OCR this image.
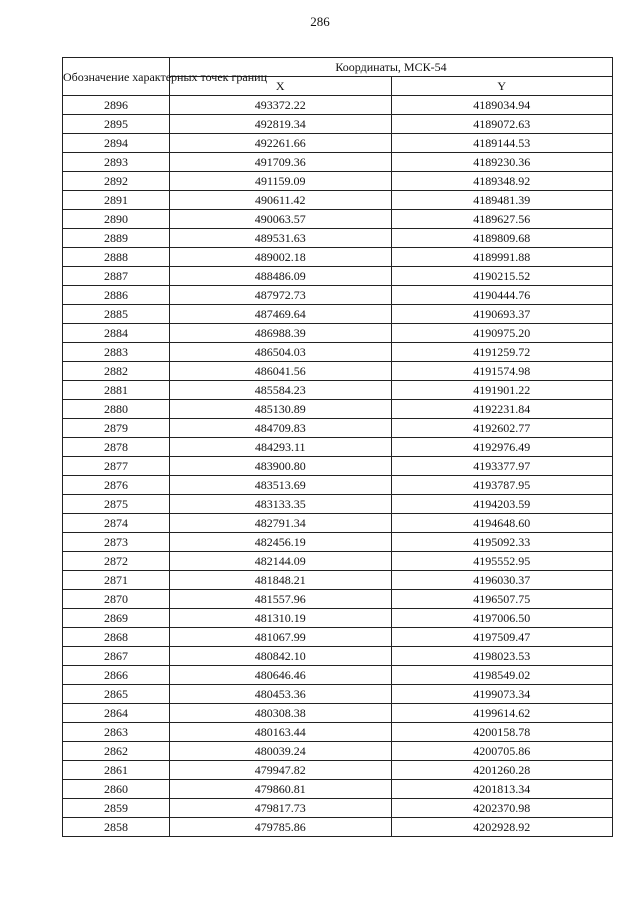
286
Обозначение характерных точек границ	Координаты, МСК-54	
	X	Y
2896	493372.22	4189034.94
2895	492819.34	4189072.63
2894	492261.66	4189144.53
2893	491709.36	4189230.36
2892	491159.09	4189348.92
2891	490611.42	4189481.39
2890	490063.57	4189627.56
2889	489531.63	4189809.68
2888	489002.18	4189991.88
2887	488486.09	4190215.52
2886	487972.73	4190444.76
2885	487469.64	4190693.37
2884	486988.39	4190975.20
2883	486504.03	4191259.72
2882	486041.56	4191574.98
2881	485584.23	4191901.22
2880	485130.89	4192231.84
2879	484709.83	4192602.77
2878	484293.11	4192976.49
2877	483900.80	4193377.97
2876	483513.69	4193787.95
2875	483133.35	4194203.59
2874	482791.34	4194648.60
2873	482456.19	4195092.33
2872	482144.09	4195552.95
2871	481848.21	4196030.37
2870	481557.96	4196507.75
2869	481310.19	4197006.50
2868	481067.99	4197509.47
2867	480842.10	4198023.53
2866	480646.46	4198549.02
2865	480453.36	4199073.34
2864	480308.38	4199614.62
2863	480163.44	4200158.78
2862	480039.24	4200705.86
2861	479947.82	4201260.28
2860	479860.81	4201813.34
2859	479817.73	4202370.98
2858	479785.86	4202928.92
